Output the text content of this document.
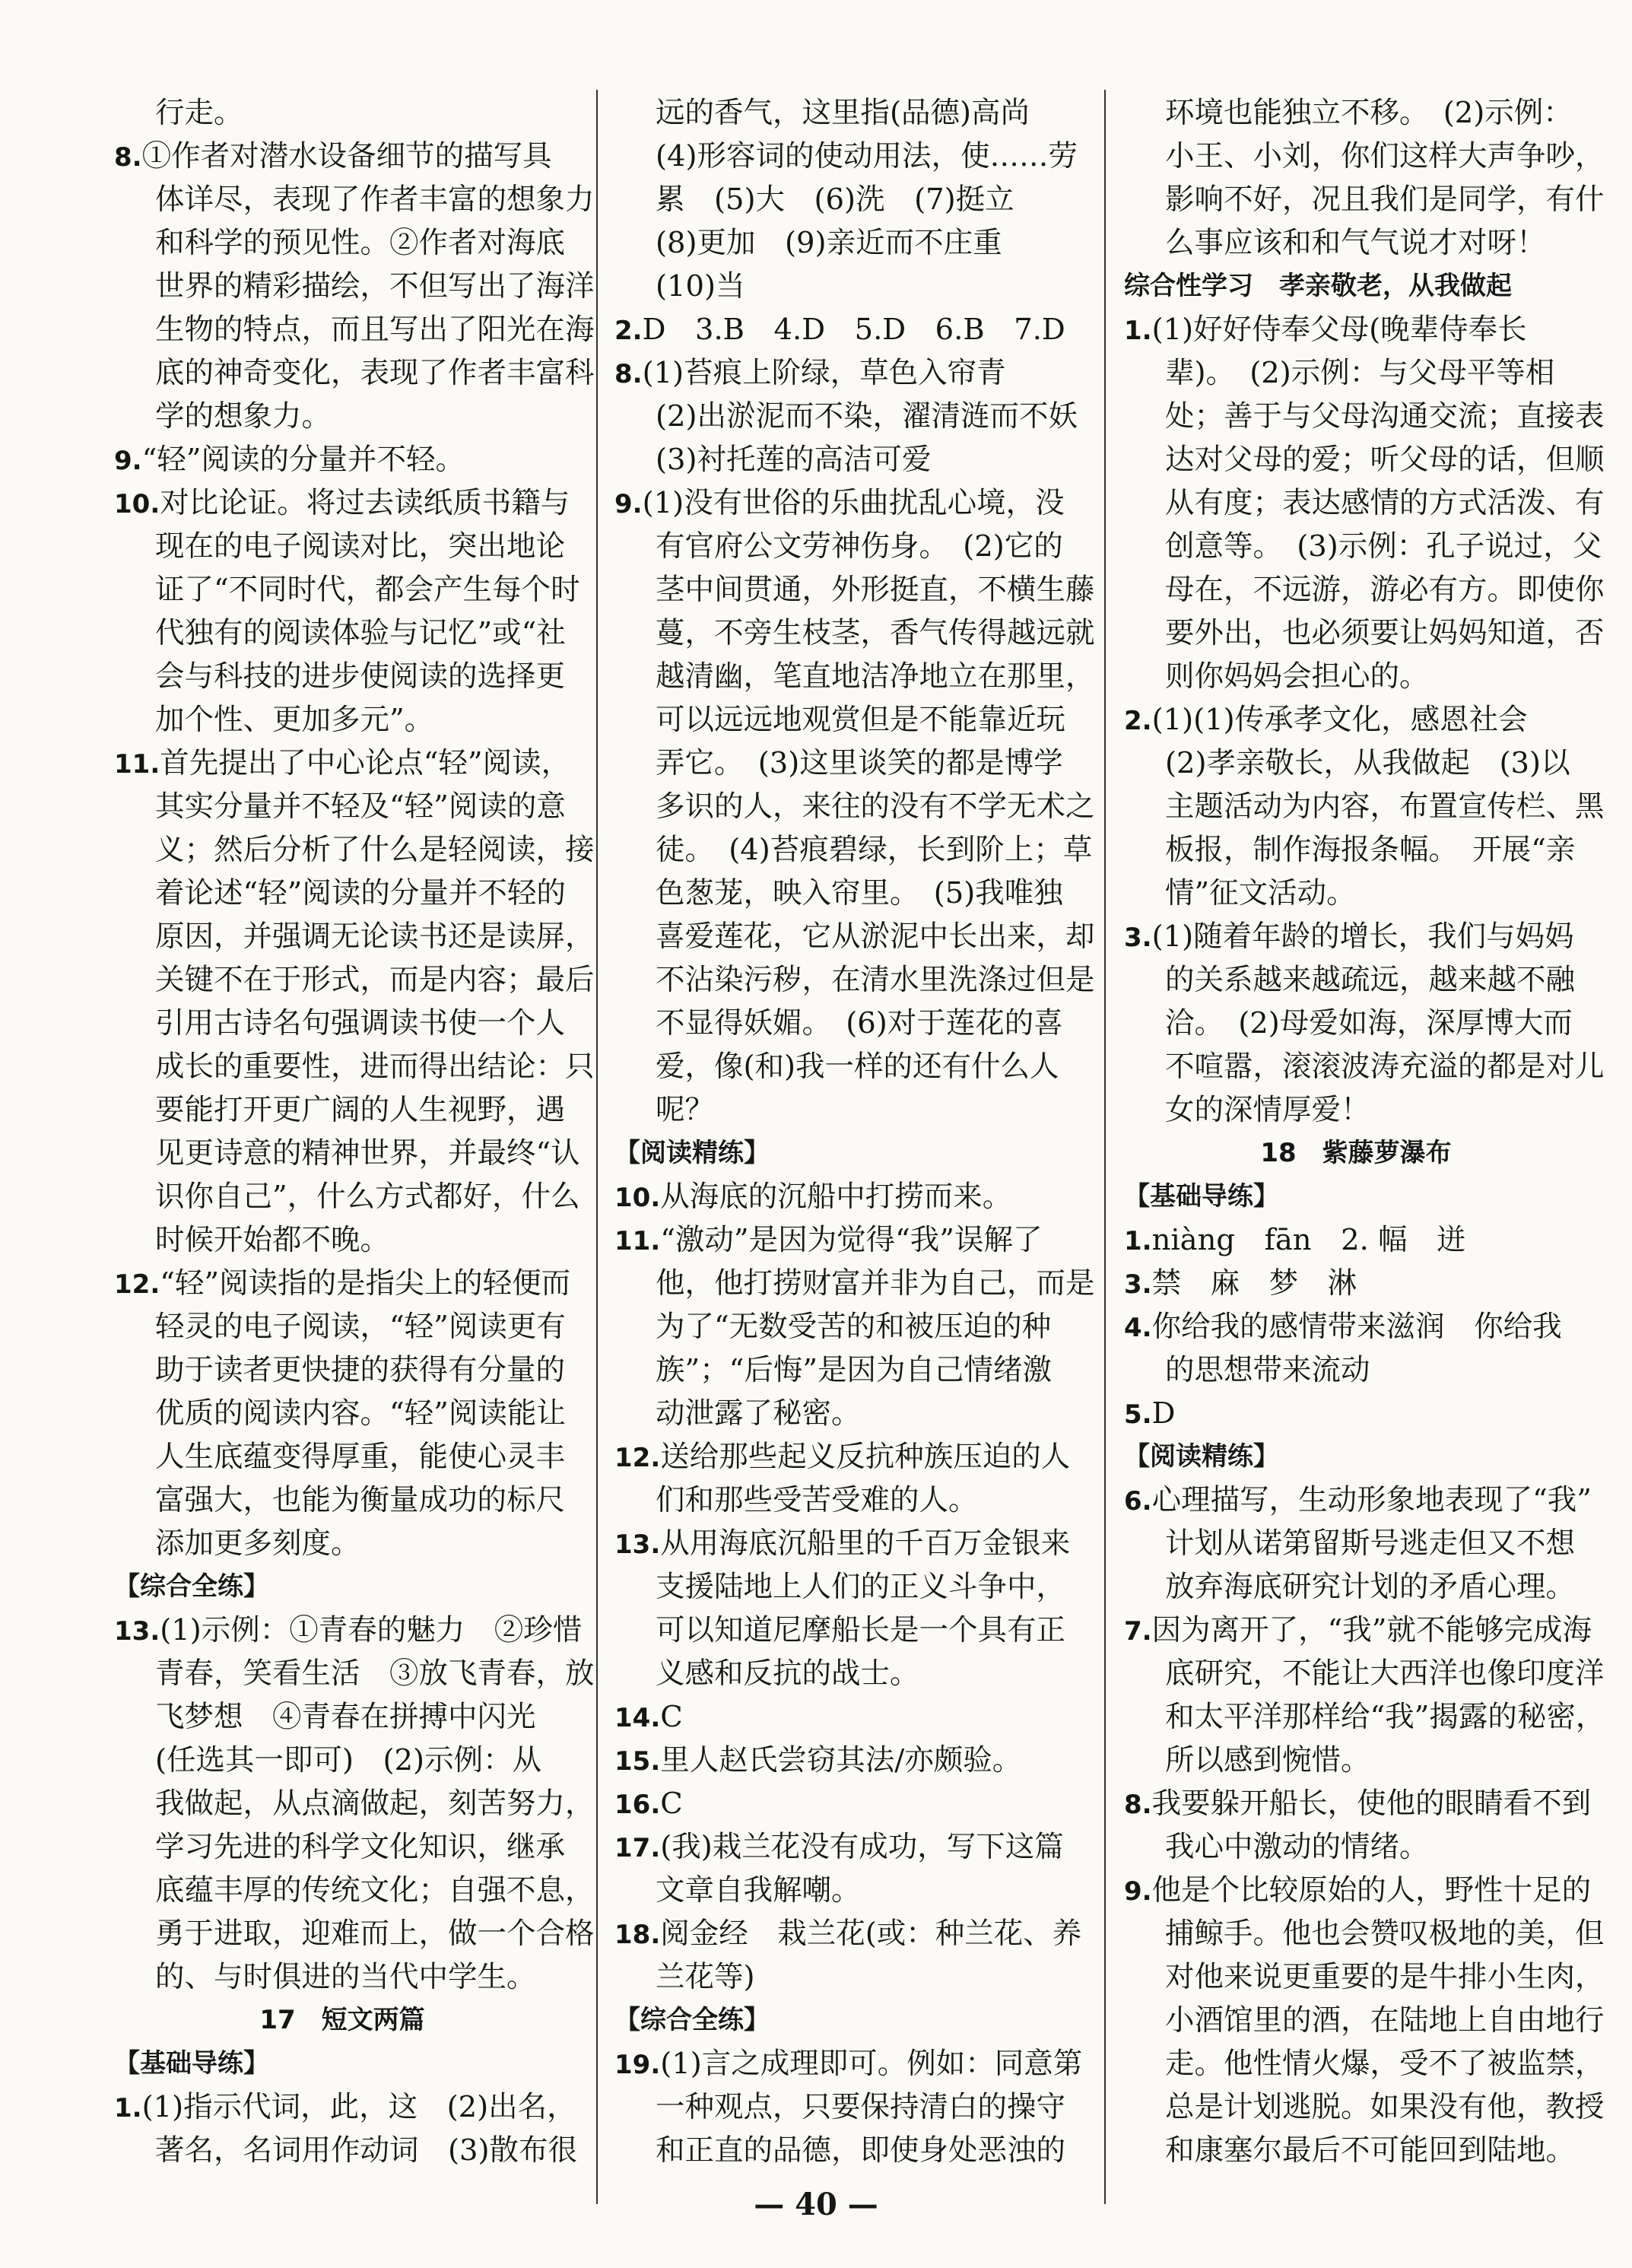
行走。
8.①作者对潜水设备细节的描写具
体详尽，表现了作者丰富的想象力
和科学的预见性。②作者对海底
世界的精彩描绘，不但写出了海洋
生物的特点，而且写出了阳光在海
底的神奇变化，表现了作者丰富科
学的想象力。
9.“轻”阅读的分量并不轻。
10.对比论证。将过去读纸质书籍与
现在的电子阅读对比，突出地论
证了“不同时代，都会产生每个时
代独有的阅读体验与记忆”或“社
会与科技的进步使阅读的选择更
加个性、更加多元”。
11.首先提出了中心论点“轻”阅读，
其实分量并不轻及“轻”阅读的意
义；然后分析了什么是轻阅读，接
着论述“轻”阅读的分量并不轻的
原因，并强调无论读书还是读屏，
关键不在于形式，而是内容；最后
引用古诗名句强调读书使一个人
成长的重要性，进而得出结论：只
要能打开更广阔的人生视野，遇
见更诗意的精神世界，并最终“认
识你自己”，什么方式都好，什么
时候开始都不晚。
12.“轻”阅读指的是指尖上的轻便而
轻灵的电子阅读，“轻”阅读更有
助于读者更快捷的获得有分量的
优质的阅读内容。“轻”阅读能让
人生底蕴变得厚重，能使心灵丰
富强大，也能为衡量成功的标尺
添加更多刻度。
【综合全练】
13.(1)示例：①青春的魅力　②珍惜
青春，笑看生活　③放飞青春，放
飞梦想　④青春在拼搏中闪光
(任选其一即可)　(2)示例：从
我做起，从点滴做起，刻苦努力，
学习先进的科学文化知识，继承
底蕴丰厚的传统文化；自强不息，
勇于进取，迎难而上，做一个合格
的、与时俱进的当代中学生。
17　短文两篇
【基础导练】
1.(1)指示代词，此，这　(2)出名，
著名，名词用作动词　(3)散布很
远的香气，这里指(品德)高尚
(4)形容词的使动用法，使……劳
累　(5)大　(6)洗　(7)挺立
(8)更加　(9)亲近而不庄重
(10)当
2.D　3.B　4.D　5.D　6.B　7.D
8.(1)苔痕上阶绿，草色入帘青
(2)出淤泥而不染，濯清涟而不妖
(3)衬托莲的高洁可爱
9.(1)没有世俗的乐曲扰乱心境，没
有官府公文劳神伤身。　(2)它的
茎中间贯通，外形挺直，不横生藤
蔓，不旁生枝茎，香气传得越远就
越清幽，笔直地洁净地立在那里，
可以远远地观赏但是不能靠近玩
弄它。　(3)这里谈笑的都是博学
多识的人，来往的没有不学无术之
徒。　(4)苔痕碧绿，长到阶上；草
色葱茏，映入帘里。　(5)我唯独
喜爱莲花，它从淤泥中长出来，却
不沾染污秽，在清水里洗涤过但是
不显得妖媚。　(6)对于莲花的喜
爱，像(和)我一样的还有什么人
呢？
【阅读精练】
10.从海底的沉船中打捞而来。
11.“激动”是因为觉得“我”误解了
他，他打捞财富并非为自己，而是
为了“无数受苦的和被压迫的种
族”；“后悔”是因为自己情绪激
动泄露了秘密。
12.送给那些起义反抗种族压迫的人
们和那些受苦受难的人。
13.从用海底沉船里的千百万金银来
支援陆地上人们的正义斗争中，
可以知道尼摩船长是一个具有正
义感和反抗的战士。
14.C
15.里人赵氏尝窃其法/亦颇验。
16.C
17.(我)栽兰花没有成功，写下这篇
文章自我解嘲。
18.阅金经　栽兰花(或：种兰花、养
兰花等)
【综合全练】
19.(1)言之成理即可。例如：同意第
一种观点，只要保持清白的操守
和正直的品德，即使身处恶浊的
环境也能独立不移。　(2)示例：
小王、小刘，你们这样大声争吵，
影响不好，况且我们是同学，有什
么事应该和和气气说才对呀！
综合性学习　孝亲敬老，从我做起
1.(1)好好侍奉父母(晚辈侍奉长
辈)。　(2)示例：与父母平等相
处；善于与父母沟通交流；直接表
达对父母的爱；听父母的话，但顺
从有度；表达感情的方式活泼、有
创意等。　(3)示例：孔子说过，父
母在，不远游，游必有方。即使你
要外出，也必须要让妈妈知道，否
则你妈妈会担心的。
2.(1)(1)传承孝文化，感恩社会
(2)孝亲敬长，从我做起　(3)以
主题活动为内容，布置宣传栏、黑
板报，制作海报条幅。　开展“亲
情”征文活动。
3.(1)随着年龄的增长，我们与妈妈
的关系越来越疏远，越来越不融
洽。　(2)母爱如海，深厚博大而
不喧嚣，滚滚波涛充溢的都是对儿
女的深情厚爱！
18　紫藤萝瀑布
【基础导练】
1.niàng　fān　2. 幅　迸
3.禁　麻　梦　淋
4.你给我的感情带来滋润　你给我
的思想带来流动
5.D
【阅读精练】
6.心理描写，生动形象地表现了“我”
计划从诺第留斯号逃走但又不想
放弃海底研究计划的矛盾心理。
7.因为离开了，“我”就不能够完成海
底研究，不能让大西洋也像印度洋
和太平洋那样给“我”揭露的秘密，
所以感到惋惜。
8.我要躲开船长，使他的眼睛看不到
我心中激动的情绪。
9.他是个比较原始的人，野性十足的
捕鲸手。他也会赞叹极地的美，但
对他来说更重要的是牛排小生肉，
小酒馆里的酒，在陆地上自由地行
走。他性情火爆，受不了被监禁，
总是计划逃脱。如果没有他，教授
和康塞尔最后不可能回到陆地。
— 40 —
